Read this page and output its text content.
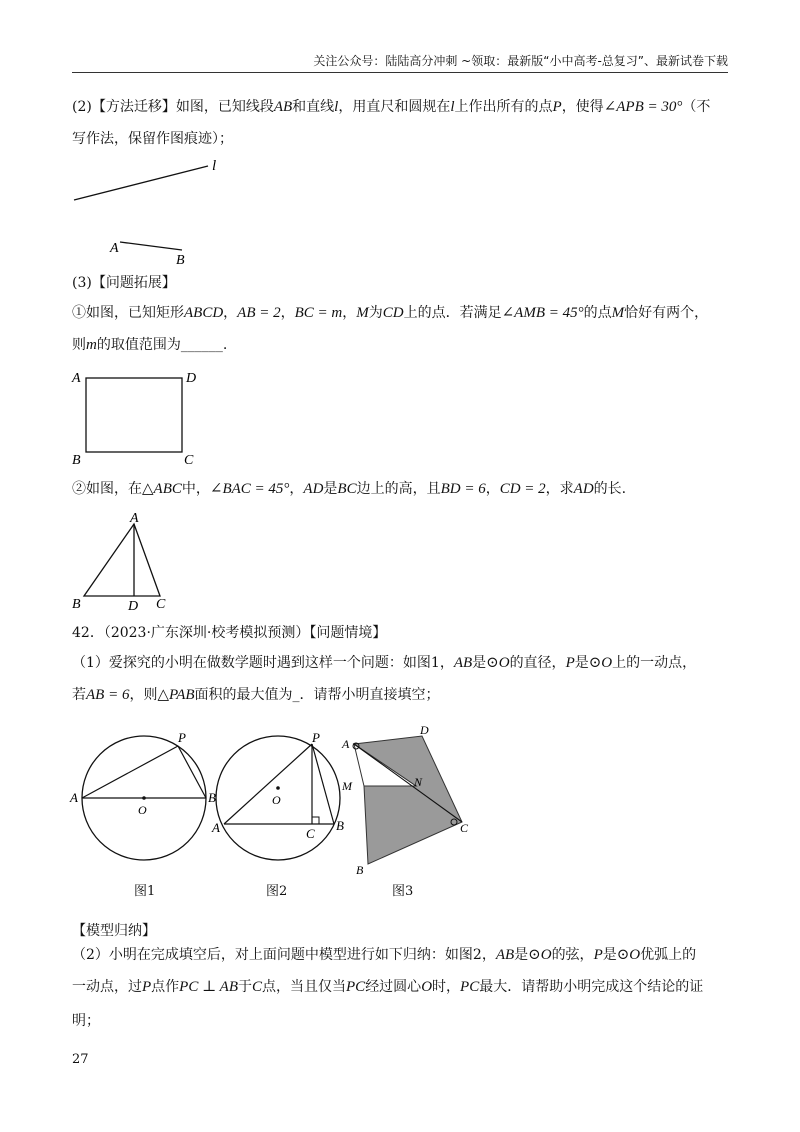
关注公众号：陆陆高分冲刺 ~领取：最新版“小中高考-总复习”、最新试卷下载
(2)【方法迁移】如图，已知线段AB和直线l，用直尺和圆规在l上作出所有的点P，使得∠APB = 30°（不
写作法，保留作图痕迹）；
l
A
B
(3)【问题拓展】
①如图，已知矩形ABCD，AB = 2，BC = m，M为CD上的点．若满足∠AMB = 45°的点M恰好有两个，
则m的取值范围为______.
A	D
B	C
②如图，在△ABC中，∠BAC = 45°，AD是BC边上的高，且BD = 6，CD = 2，求AD的长.
A
B	D C
42．（2023·广东深圳·校考模拟预测）【问题情境】
（1）爱探究的小明在做数学题时遇到这样一个问题：如图1，AB是⊙O的直径，P是⊙O上的一动点，
若AB = 6，则△PAB面积的最大值为_．请帮小明直接填空；
P
A	B
O
图1
P
A	B
C
O
图2
A
D
M	N
C
B
图3
【模型归纳】
（2）小明在完成填空后，对上面问题中模型进行如下归纳：如图2，AB是⊙O的弦，P是⊙O优弧上的
一动点，过P点作PC ⊥ AB于C点，当且仅当PC经过圆心O时，PC最大．请帮助小明完成这个结论的证
明；
27
